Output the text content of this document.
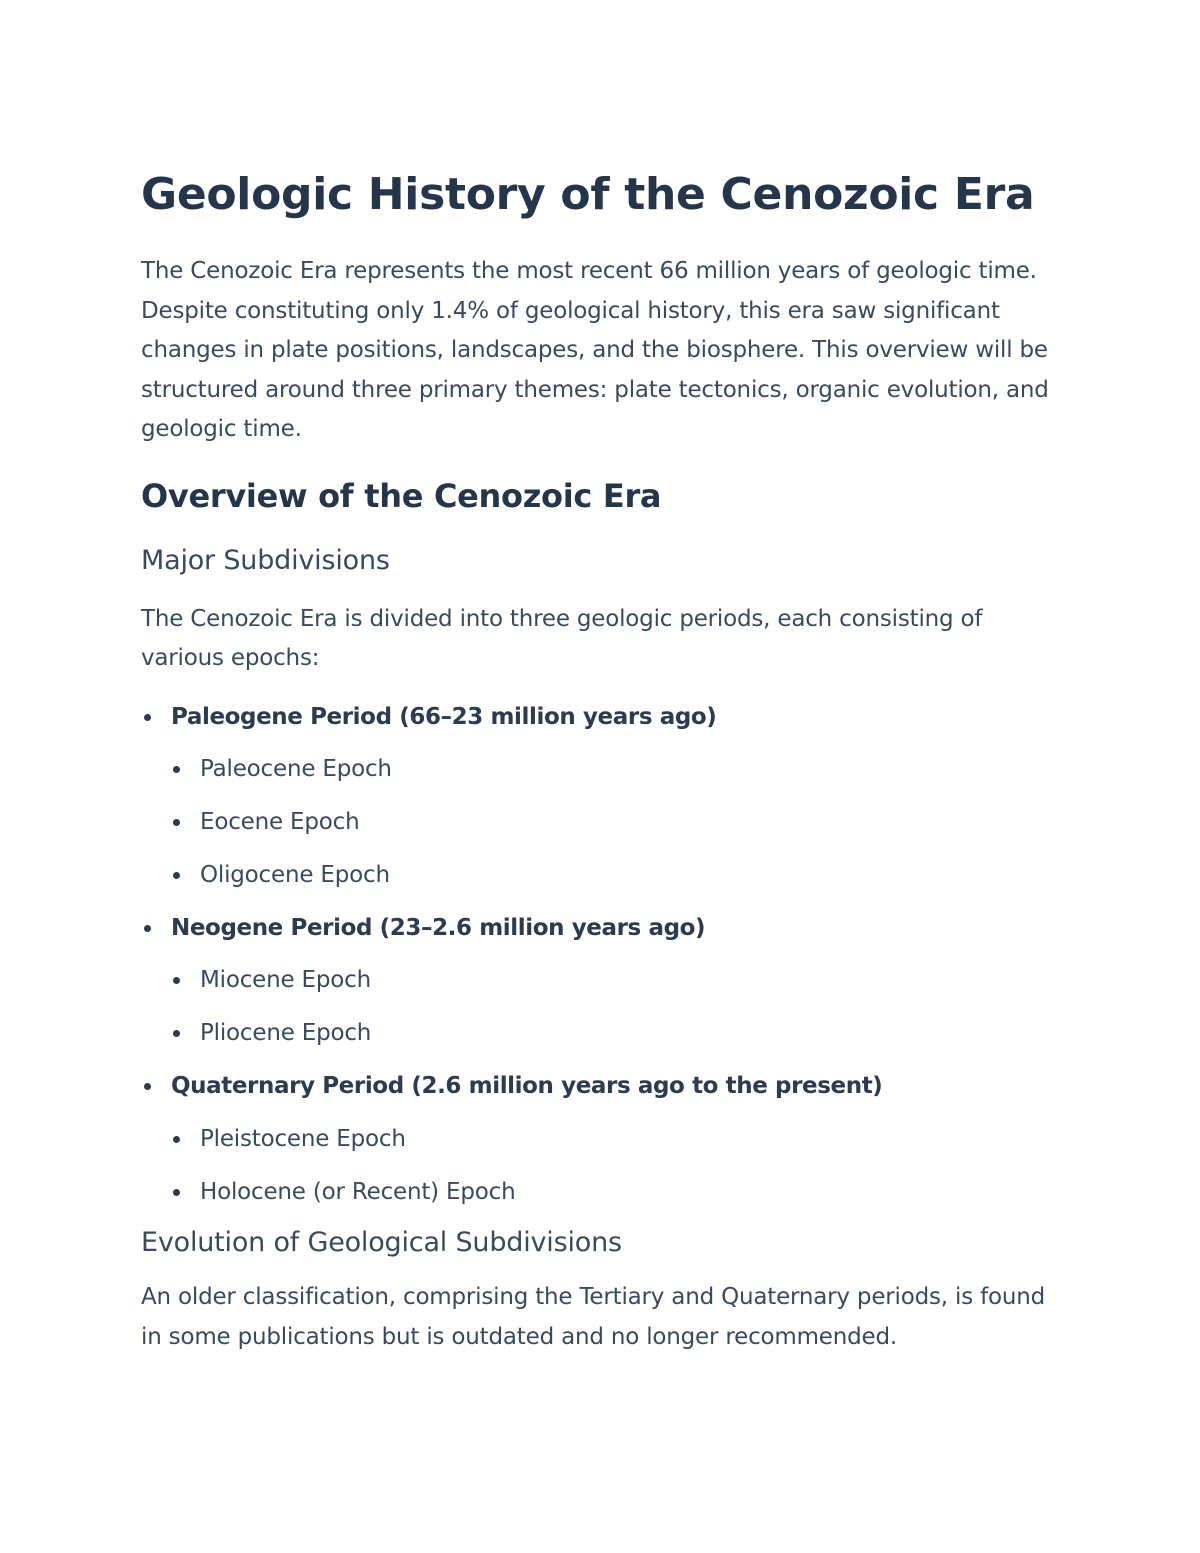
Geologic History of the Cenozoic Era

The Cenozoic Era represents the most recent 66 million years of geologic time. Despite constituting only 1.4% of geological history, this era saw significant changes in plate positions, landscapes, and the biosphere. This overview will be structured around three primary themes: plate tectonics, organic evolution, and geologic time.

Overview of the Cenozoic Era
Major Subdivisions

The Cenozoic Era is divided into three geologic periods, each consisting of various epochs:

Paleogene Period (66–23 million years ago)
Paleocene Epoch
Eocene Epoch
Oligocene Epoch
Neogene Period (23–2.6 million years ago)
Miocene Epoch
Pliocene Epoch
Quaternary Period (2.6 million years ago to the present)
Pleistocene Epoch
Holocene (or Recent) Epoch
Evolution of Geological Subdivisions

An older classification, comprising the Tertiary and Quaternary periods, is found in some publications but is outdated and no longer recommended.
